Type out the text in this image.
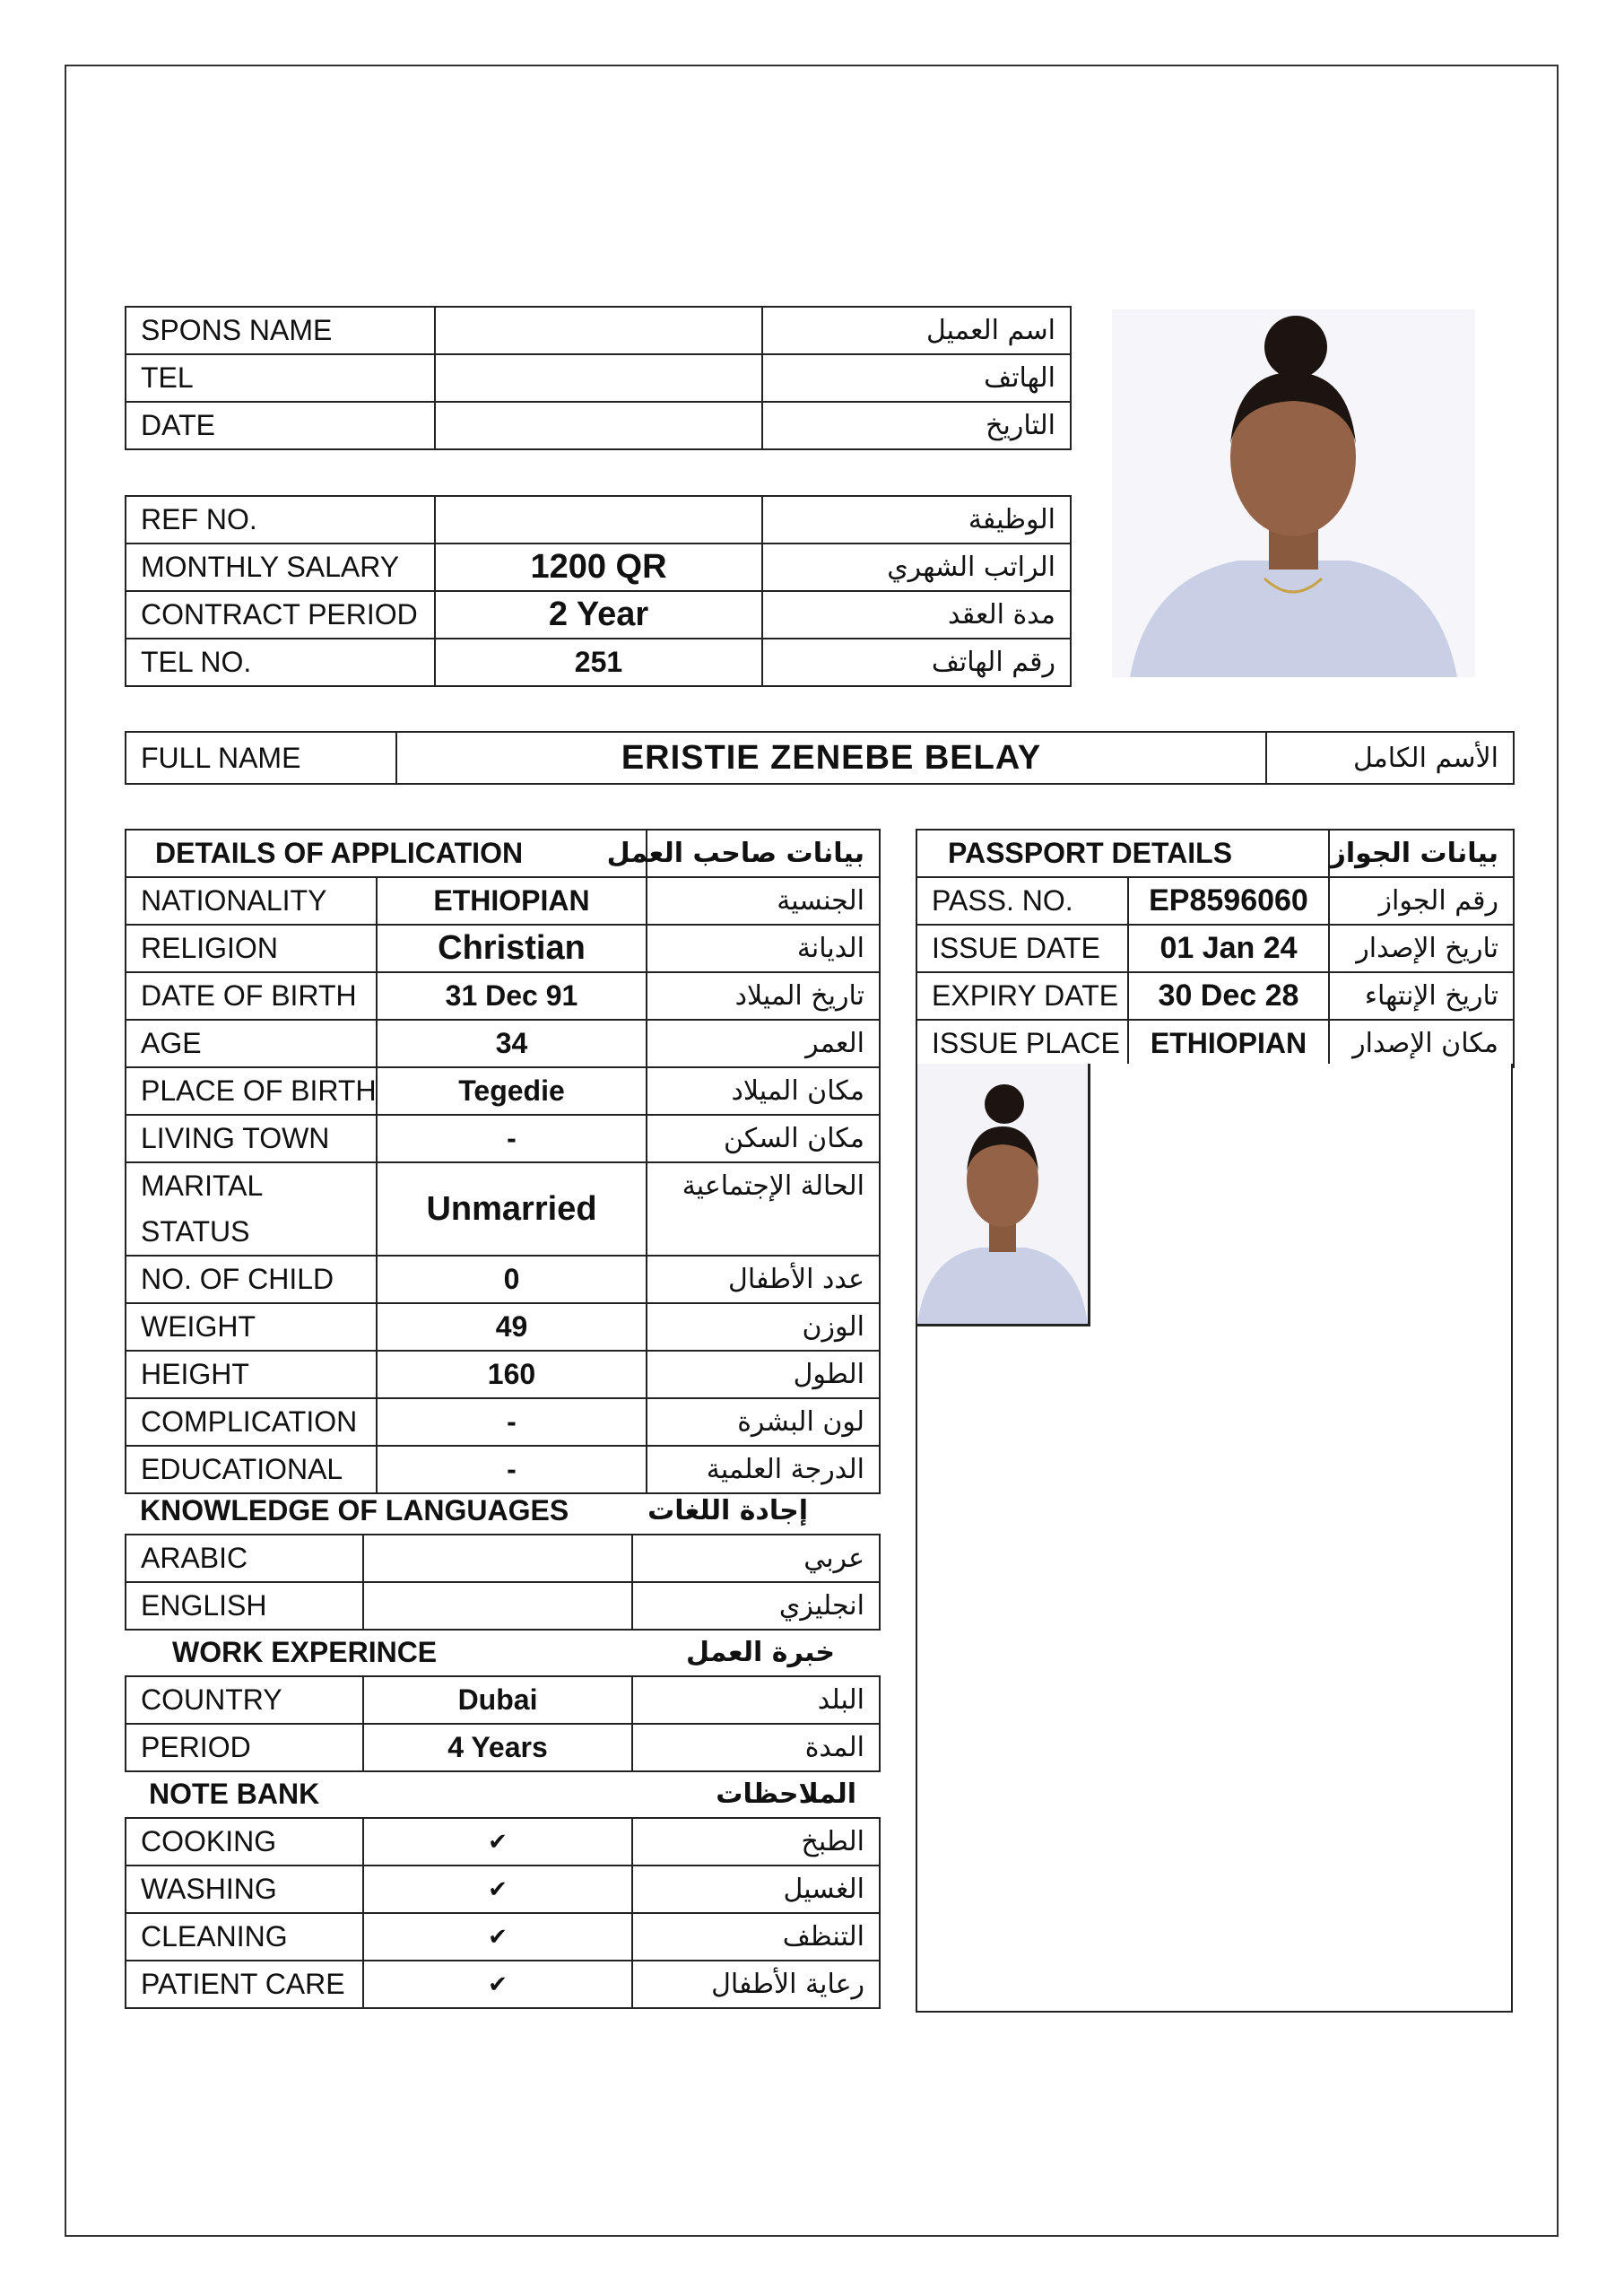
SPONS NAME		اسم العميل
TEL		الهاتف
DATE		التاريخ
REF NO.		الوظيفة
MONTHLY SALARY	1200 QR	الراتب الشهري
CONTRACT PERIOD	2 Year	مدة العقد
TEL NO.	251	رقم الهاتف
FULL NAME	ERISTIE ZENEBE BELAY	الأسم الكامل
DETAILS OF APPLICATION		بيانات صاحب العمل
NATIONALITY	ETHIOPIAN	الجنسية
RELIGION	Christian	الديانة
DATE OF BIRTH	31 Dec 91	تاريخ الميلاد
AGE	34	العمر
PLACE OF BIRTH	Tegedie	مكان الميلاد
LIVING TOWN	-	مكان السكن
MARITAL STATUS	Unmarried	الحالة الإجتماعية
NO. OF CHILD	0	عدد الأطفال
WEIGHT	49	الوزن
HEIGHT	160	الطول
COMPLICATION	-	لون البشرة
EDUCATIONAL	-	الدرجة العلمية
KNOWLEDGE OF LANGUAGES		إجادة اللغات
ARABIC		عربي
ENGLISH		انجليزي
WORK EXPERINCE		خبرة العمل
COUNTRY	Dubai	البلد
PERIOD	4 Years	المدة
NOTE BANK		الملاحظات
COOKING	✔	الطبخ
WASHING	✔	الغسيل
CLEANING	✔	التنظف
PATIENT CARE	✔	رعاية الأطفال
PASSPORT DETAILS		بيانات الجواز
PASS. NO.	EP8596060	رقم الجواز
ISSUE DATE	01 Jan 24	تاريخ الإصدار
EXPIRY DATE	30 Dec 28	تاريخ الإنتهاء
ISSUE PLACE	ETHIOPIAN	مكان الإصدار
